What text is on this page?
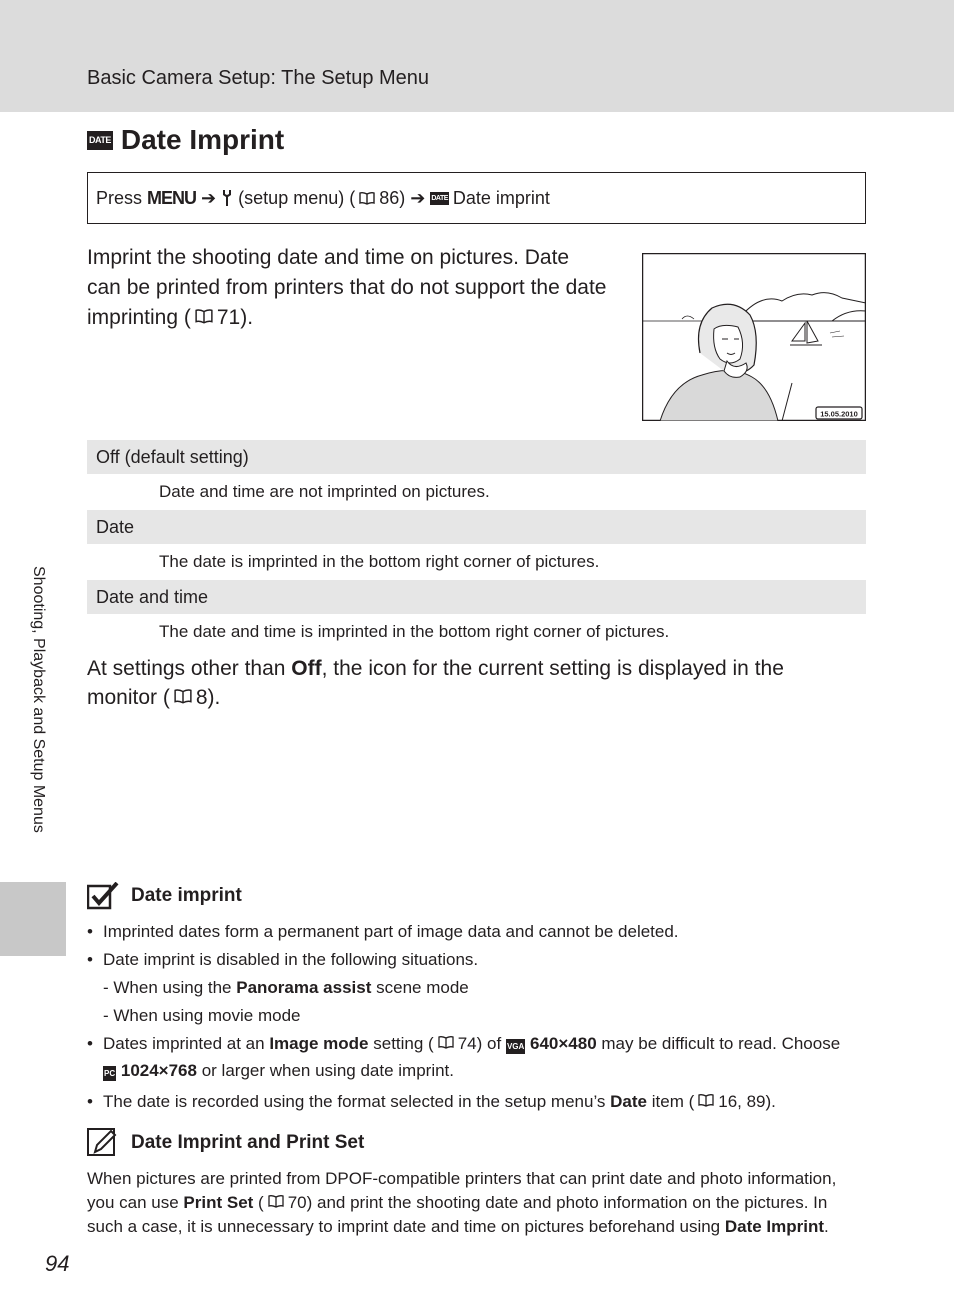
Basic Camera Setup: The Setup Menu
Shooting, Playback and Setup Menus
DATE Date Imprint
Press
MENU
➔

(setup menu) ( 86)
➔
DATE Date imprint
Imprint the shooting date and time on pictures. Date can be printed from printers that do not support the date imprinting ( 71).
15.05.2010
Off (default setting)
Date and time are not imprinted on pictures.
Date
The date is imprinted in the bottom right corner of pictures.
Date and time
The date and time is imprinted in the bottom right corner of pictures.
At settings other than Off, the icon for the current setting is displayed in the monitor ( 8).
Date imprint
• Imprinted dates form a permanent part of image data and cannot be deleted.
• Date imprint is disabled in the following situations.
- When using the Panorama assist scene mode
- When using movie mode
• Dates imprinted at an Image mode setting ( 74) of VGA 640×480 may be difficult to read. Choose PC 1024×768 or larger when using date imprint.
• The date is recorded using the format selected in the setup menu’s Date item ( 16, 89).
Date Imprint and Print Set
When pictures are printed from DPOF-compatible printers that can print date and photo information, you can use Print Set ( 70) and print the shooting date and photo information on the pictures. In such a case, it is unnecessary to imprint date and time on pictures beforehand using Date Imprint.
94
